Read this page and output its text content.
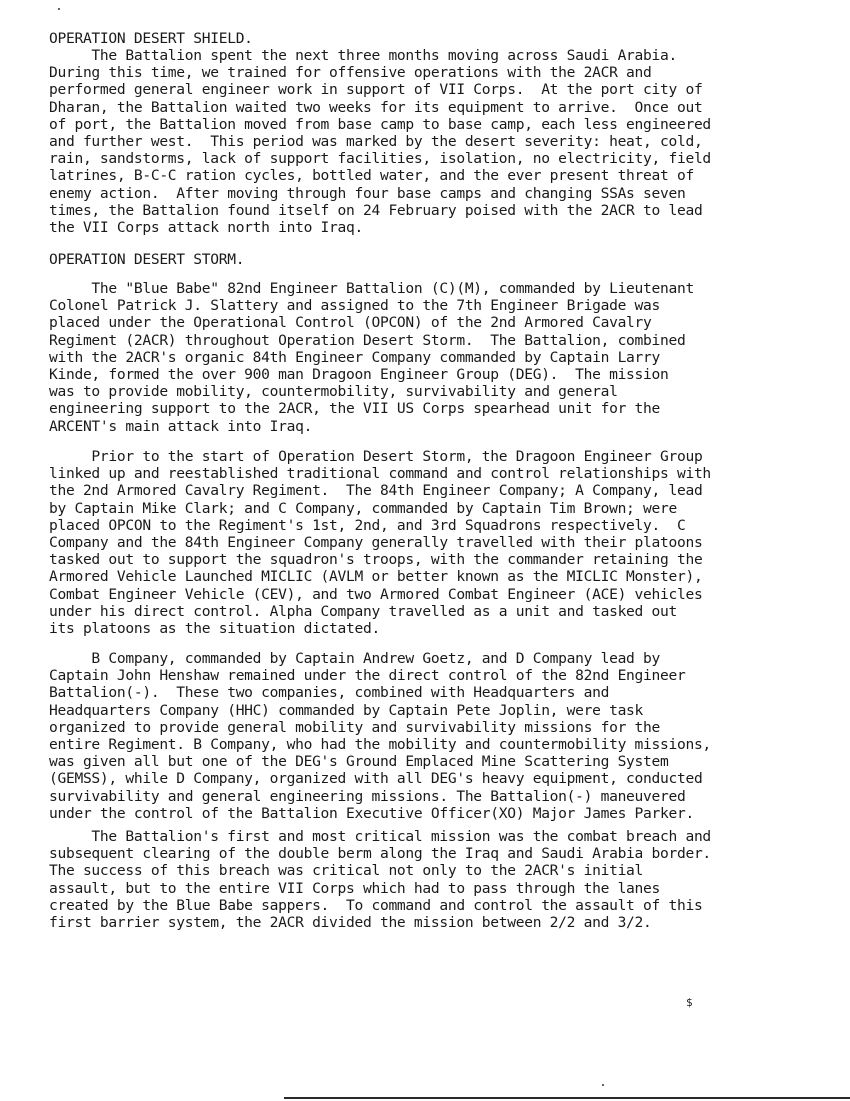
OPERATION DESERT SHIELD.
The Battalion spent the next three months moving across Saudi Arabia.
During this time, we trained for offensive operations with the 2ACR and
performed general engineer work in support of VII Corps.  At the port city of
Dharan, the Battalion waited two weeks for its equipment to arrive.  Once out
of port, the Battalion moved from base camp to base camp, each less engineered
and further west.  This period was marked by the desert severity: heat, cold,
rain, sandstorms, lack of support facilities, isolation, no electricity, field
latrines, B-C-C ration cycles, bottled water, and the ever present threat of
enemy action.  After moving through four base camps and changing SSAs seven
times, the Battalion found itself on 24 February poised with the 2ACR to lead
the VII Corps attack north into Iraq.
OPERATION DESERT STORM.
The "Blue Babe" 82nd Engineer Battalion (C)(M), commanded by Lieutenant
Colonel Patrick J. Slattery and assigned to the 7th Engineer Brigade was
placed under the Operational Control (OPCON) of the 2nd Armored Cavalry
Regiment (2ACR) throughout Operation Desert Storm.  The Battalion, combined
with the 2ACR's organic 84th Engineer Company commanded by Captain Larry
Kinde, formed the over 900 man Dragoon Engineer Group (DEG).  The mission
was to provide mobility, countermobility, survivability and general
engineering support to the 2ACR, the VII US Corps spearhead unit for the
ARCENT's main attack into Iraq.
Prior to the start of Operation Desert Storm, the Dragoon Engineer Group
linked up and reestablished traditional command and control relationships with
the 2nd Armored Cavalry Regiment.  The 84th Engineer Company; A Company, lead
by Captain Mike Clark; and C Company, commanded by Captain Tim Brown; were
placed OPCON to the Regiment's 1st, 2nd, and 3rd Squadrons respectively.  C
Company and the 84th Engineer Company generally travelled with their platoons
tasked out to support the squadron's troops, with the commander retaining the
Armored Vehicle Launched MICLIC (AVLM or better known as the MICLIC Monster),
Combat Engineer Vehicle (CEV), and two Armored Combat Engineer (ACE) vehicles
under his direct control. Alpha Company travelled as a unit and tasked out
its platoons as the situation dictated.
B Company, commanded by Captain Andrew Goetz, and D Company lead by
Captain John Henshaw remained under the direct control of the 82nd Engineer
Battalion(-).  These two companies, combined with Headquarters and
Headquarters Company (HHC) commanded by Captain Pete Joplin, were task
organized to provide general mobility and survivability missions for the
entire Regiment. B Company, who had the mobility and countermobility missions,
was given all but one of the DEG's Ground Emplaced Mine Scattering System
(GEMSS), while D Company, organized with all DEG's heavy equipment, conducted
survivability and general engineering missions. The Battalion(-) maneuvered
under the control of the Battalion Executive Officer(XO) Major James Parker.
The Battalion's first and most critical mission was the combat breach and
subsequent clearing of the double berm along the Iraq and Saudi Arabia border.
The success of this breach was critical not only to the 2ACR's initial
assault, but to the entire VII Corps which had to pass through the lanes
created by the Blue Babe sappers.  To command and control the assault of this
first barrier system, the 2ACR divided the mission between 2/2 and 3/2.
$
